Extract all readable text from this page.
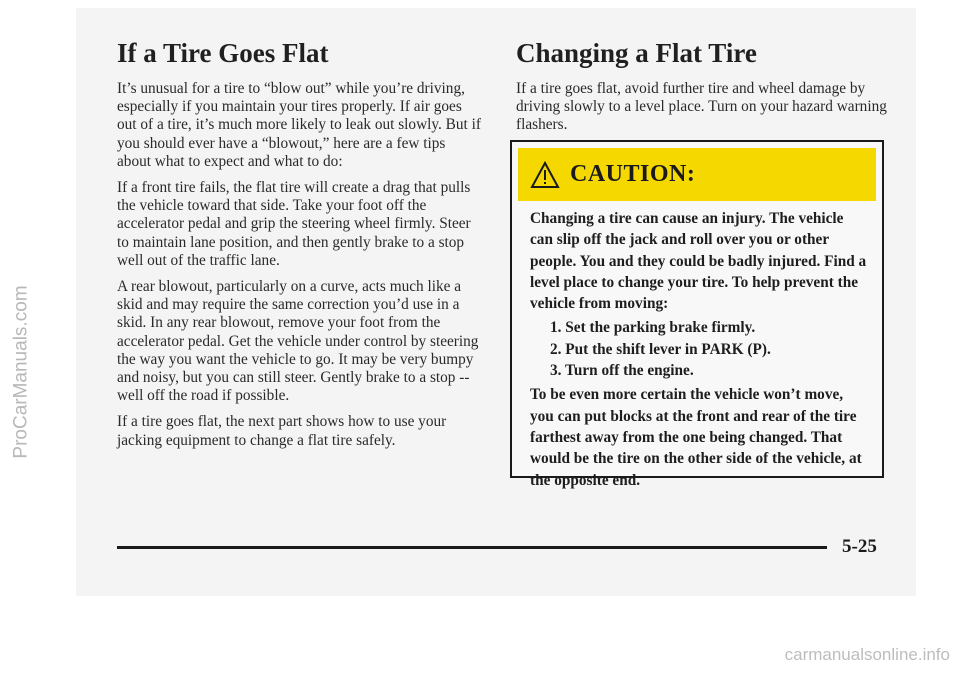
If a Tire Goes Flat

It’s unusual for a tire to “blow out” while you’re driving, especially if you maintain your tires properly. If air goes out of a tire, it’s much more likely to leak out slowly. But if you should ever have a “blowout,” here are a few tips about what to expect and what to do:

If a front tire fails, the flat tire will create a drag that pulls the vehicle toward that side. Take your foot off the accelerator pedal and grip the steering wheel firmly. Steer to maintain lane position, and then gently brake to a stop well out of the traffic lane.

A rear blowout, particularly on a curve, acts much like a skid and may require the same correction you’d use in a skid. In any rear blowout, remove your foot from the accelerator pedal. Get the vehicle under control by steering the way you want the vehicle to go. It may be very bumpy and noisy, but you can still steer. Gently brake to a stop -- well off the road if possible.

If a tire goes flat, the next part shows how to use your jacking equipment to change a flat tire safely.

Changing a Flat Tire

If a tire goes flat, avoid further tire and wheel damage by driving slowly to a level place. Turn on your hazard warning flashers.

CAUTION:

Changing a tire can cause an injury. The vehicle can slip off the jack and roll over you or other people. You and they could be badly injured. Find a level place to change your tire. To help prevent the vehicle from moving:

1. Set the parking brake firmly.
2. Put the shift lever in PARK (P).
3. Turn off the engine.

To be even more certain the vehicle won’t move, you can put blocks at the front and rear of the tire farthest away from the one being changed. That would be the tire on the other side of the vehicle, at the opposite end.

5-25
ProCarManuals.com
carmanualsonline.info
